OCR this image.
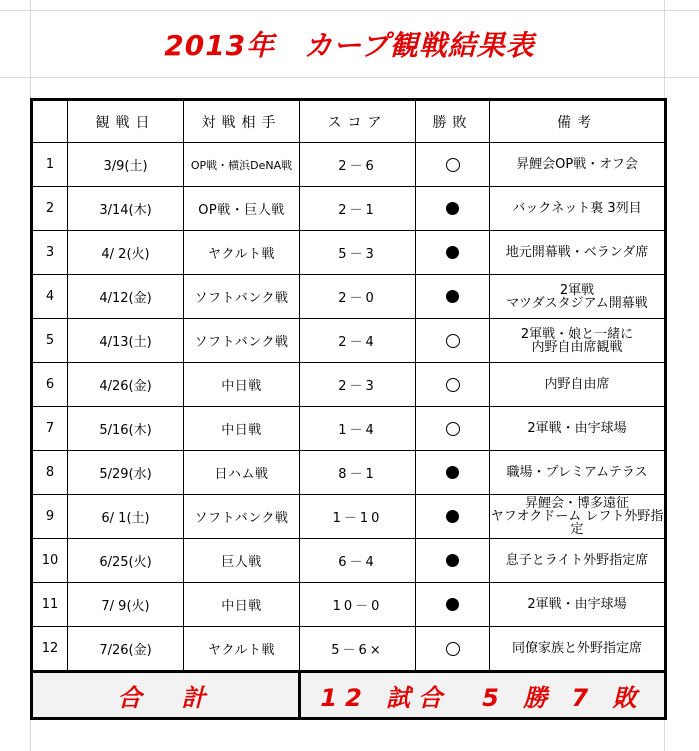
2013年　カープ観戦結果表
	観戦日	対戦相手	スコア	勝敗	備考
1	3/9(土)	OP戦・横浜DeNA戦	2－6		昇鯉会OP戦・オフ会

2	3/14(木)	OP戦・巨人戦	2－1		バックネット裏 3列目

3	4/ 2(火)	ヤクルト戦	5－3		地元開幕戦・ベランダ席

4	4/12(金)	ソフトバンク戦	2－0		2軍戦
マツダスタジアム開幕戦

5	4/13(土)	ソフトバンク戦	2－4		2軍戦・娘と一緒に
内野自由席観戦

6	4/26(金)	中日戦	2－3		内野自由席

7	5/16(木)	中日戦	1－4		2軍戦・由宇球場

8	5/29(水)	日ハム戦	8－1		職場・プレミアムテラス

9	6/ 1(土)	ソフトバンク戦	1－10		昇鯉会・博多遠征
ヤフオクドーム レフト外野指
定

10	6/25(火)	巨人戦	6－4		息子とライト外野指定席

11	7/ 9(火)	中日戦	10－0		2軍戦・由宇球場

12	7/26(金)	ヤクルト戦	5－6×		同僚家族と外野指定席

合　計			12 試合　5 勝 7 敗		
